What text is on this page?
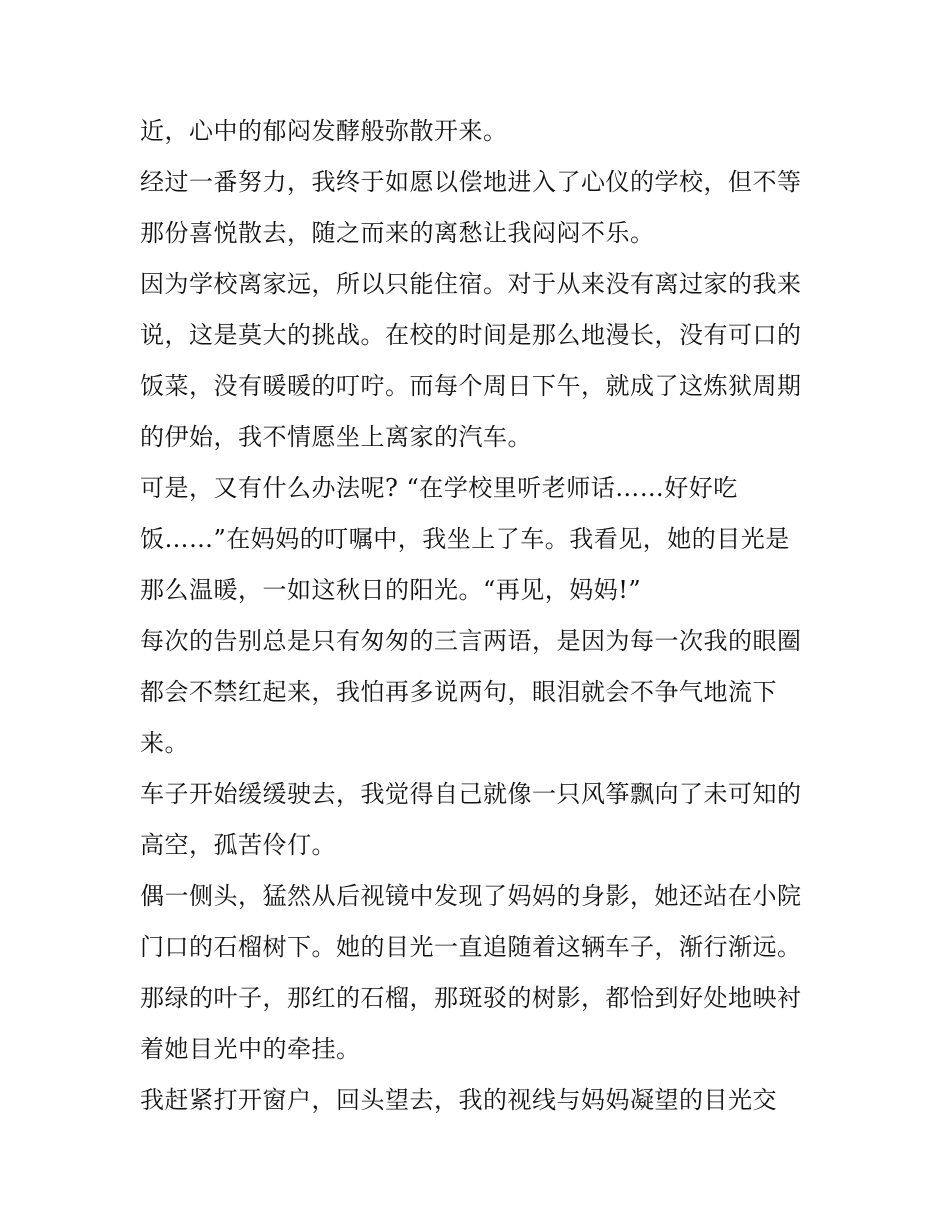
近，心中的郁闷发酵般弥散开来。
经过一番努力，我终于如愿以偿地进入了心仪的学校，但不等
那份喜悦散去，随之而来的离愁让我闷闷不乐。
因为学校离家远，所以只能住宿。对于从来没有离过家的我来
说，这是莫大的挑战。在校的时间是那么地漫长，没有可口的
饭菜，没有暖暖的叮咛。而每个周日下午，就成了这炼狱周期
的伊始，我不情愿坐上离家的汽车。
可是，又有什么办法呢? “在学校里听老师话……好好吃
饭……”在妈妈的叮嘱中，我坐上了车。我看见，她的目光是
那么温暖，一如这秋日的阳光。“再见，妈妈!”
每次的告别总是只有匆匆的三言两语，是因为每一次我的眼圈
都会不禁红起来，我怕再多说两句，眼泪就会不争气地流下
来。
车子开始缓缓驶去，我觉得自己就像一只风筝飘向了未可知的
高空，孤苦伶仃。
偶一侧头，猛然从后视镜中发现了妈妈的身影，她还站在小院
门口的石榴树下。她的目光一直追随着这辆车子，渐行渐远。
那绿的叶子，那红的石榴，那斑驳的树影，都恰到好处地映衬
着她目光中的牵挂。
我赶紧打开窗户，回头望去，我的视线与妈妈凝望的目光交
